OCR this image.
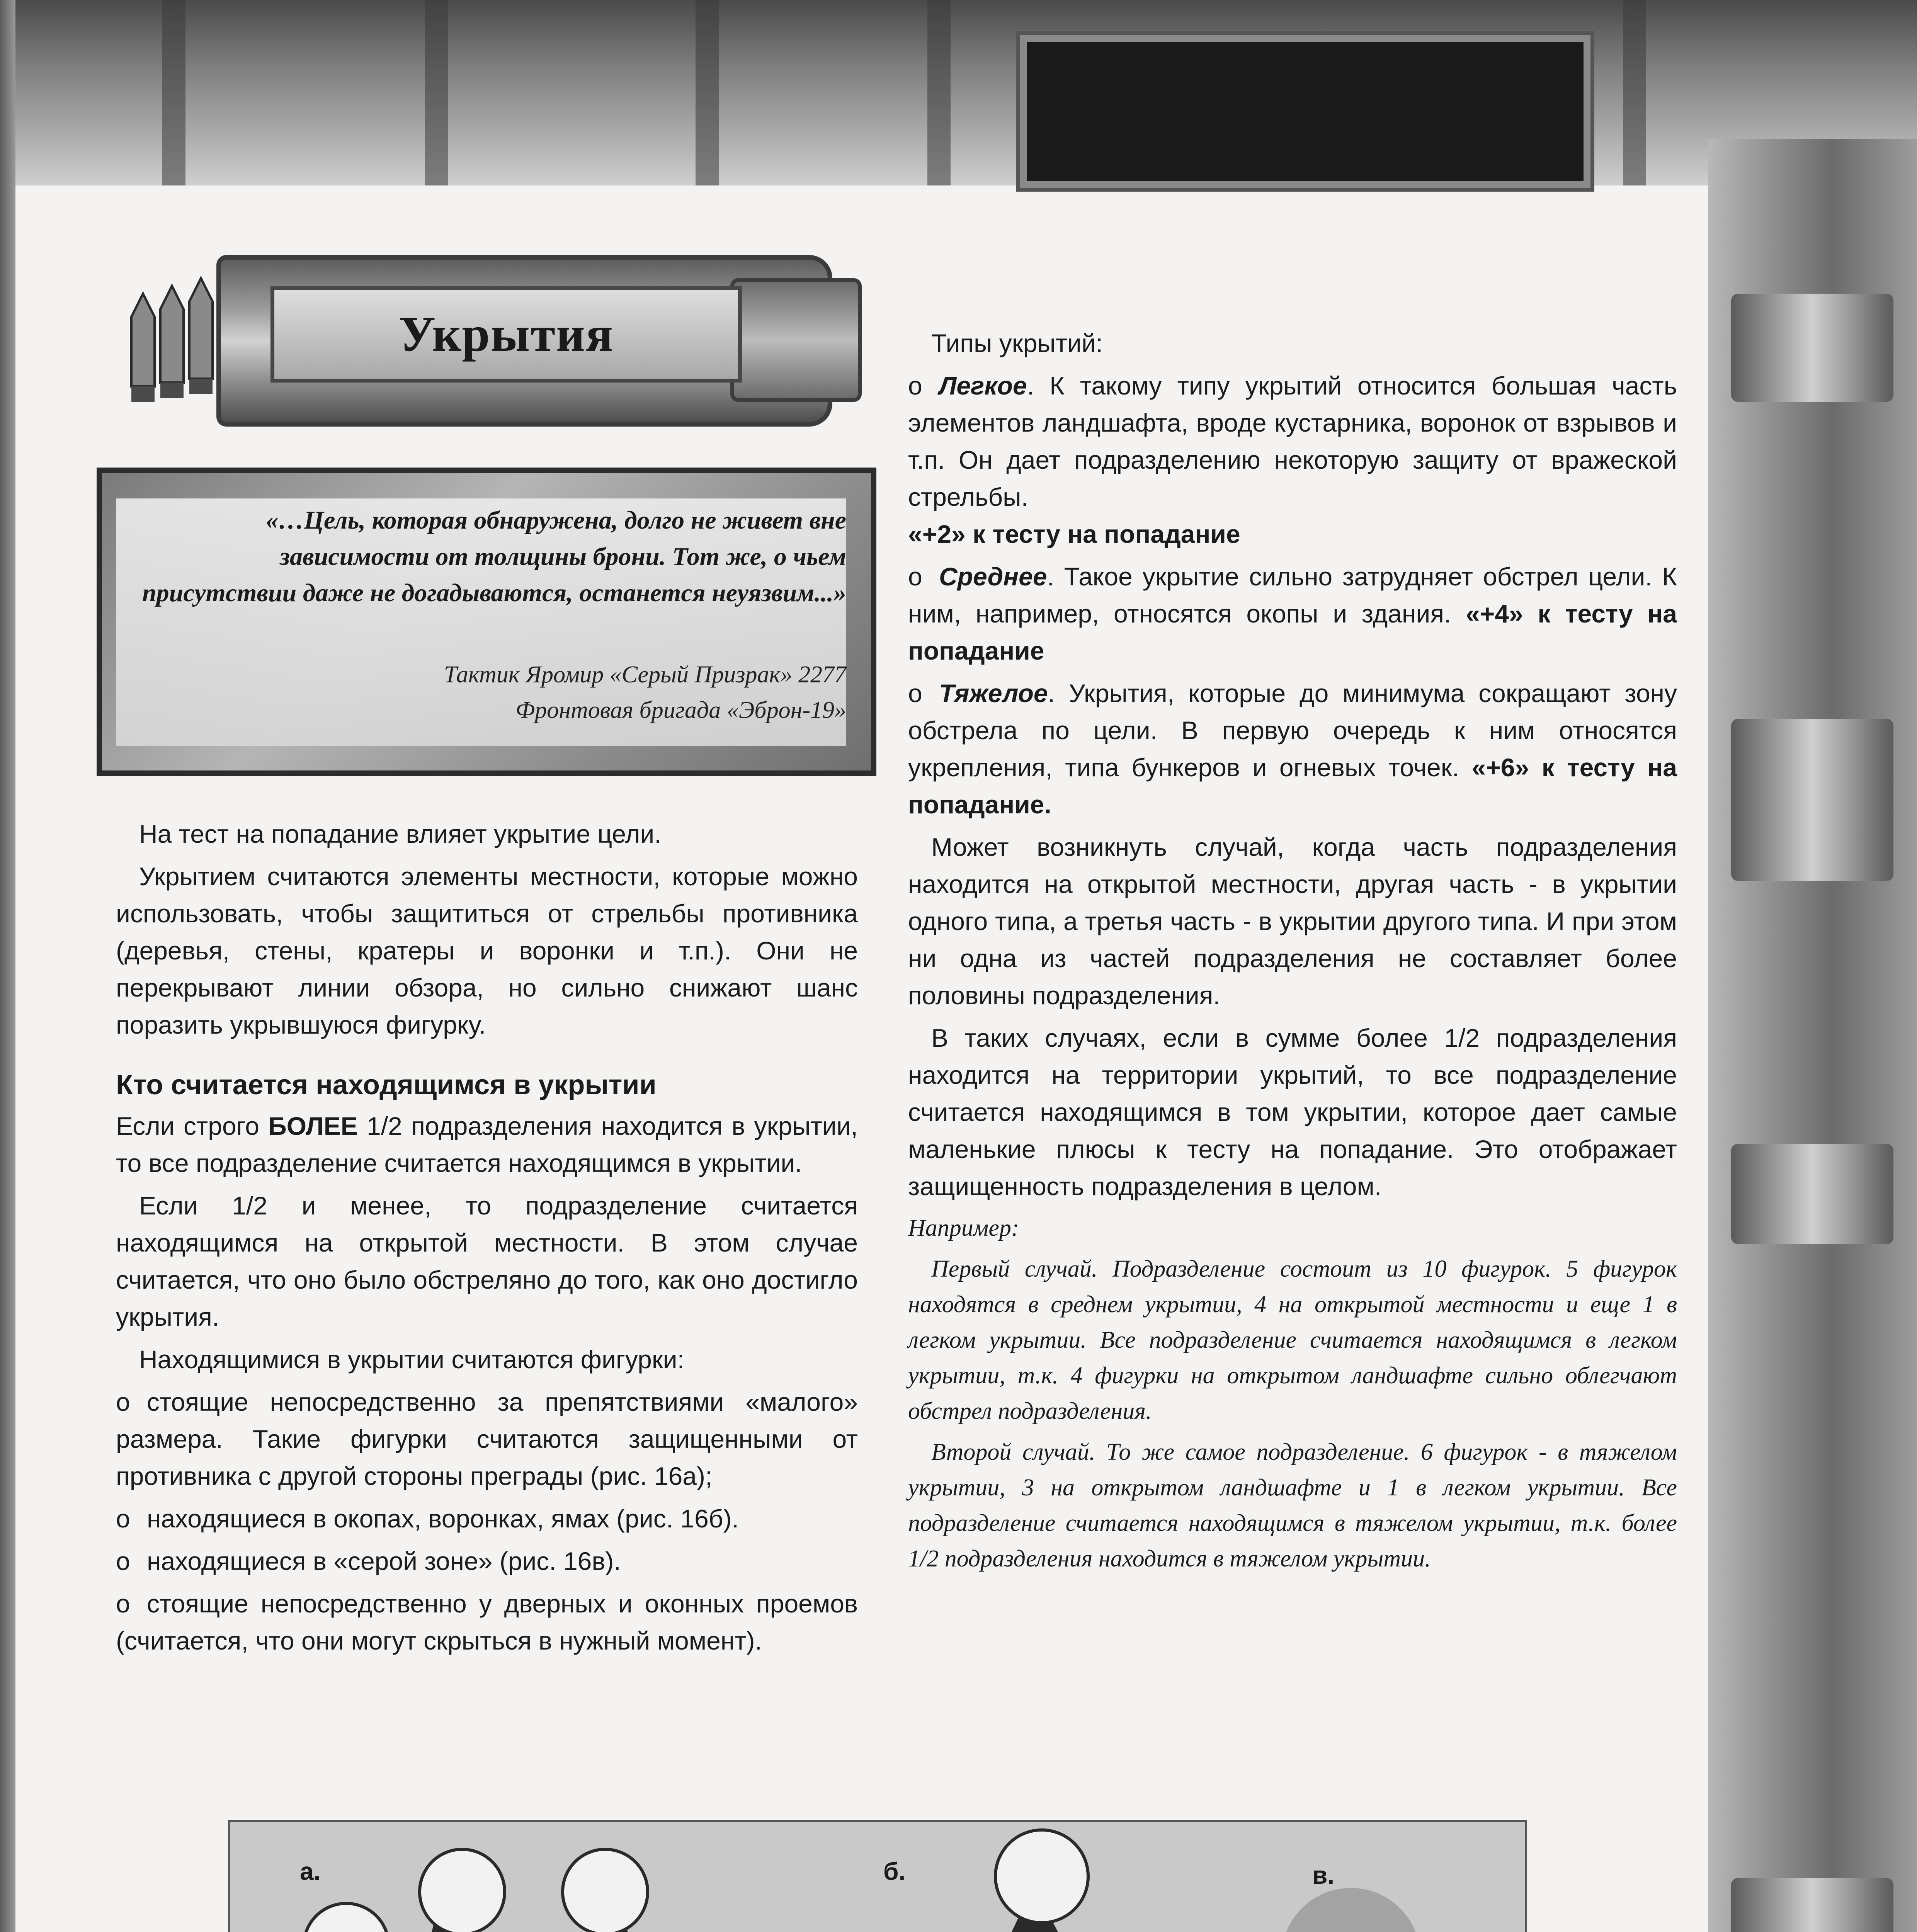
Укрытия
«…Цель, которая обнаружена, долго не живет вне зависимости от толщины брони. Тот же, о чьем присутствии даже не догадываются, останется неуязвим...»
Тактик Яромир «Серый Призрак» 2277
Фронтовая бригада «Эброн-19»

На тест на попадание влияет укрытие цели.

Укрытием считаются элементы местности, которые можно использовать, чтобы защититься от стрельбы противника (деревья, стены, кратеры и воронки и т.п.). Они не перекрывают линии обзора, но сильно снижают шанс поразить укрывшуюся фигурку.

Кто считается находящимся в укрытии

Если строго БОЛЕЕ 1/2 подразделения находится в укрытии, то все подразделение считается находящимся в укрытии.

Если 1/2 и менее, то подразделение считается находящимся на открытой местности. В этом случае считается, что оно было обстреляно до того, как оно достигло укрытия.

Находящимися в укрытии считаются фигурки:

о стоящие непосредственно за препятствиями «малого» размера. Такие фигурки считаются защищенными от противника с другой стороны преграды (рис. 16а);

о находящиеся в окопах, воронках, ямах (рис. 16б).

о находящиеся в «серой зоне» (рис. 16в).

о стоящие непосредственно у дверных и оконных проемов (считается, что они могут скрыться в нужный момент).

Типы укрытий:

о Легкое. К такому типу укрытий относится большая часть элементов ландшафта, вроде кустарника, воронок от взрывов и т.п. Он дает подразделению некоторую защиту от вражеской стрельбы.
«+2» к тесту на попадание

о Среднее. Такое укрытие сильно затрудняет обстрел цели. К ним, например, относятся окопы и здания. «+4» к тесту на попадание

о Тяжелое. Укрытия, которые до минимума сокращают зону обстрела по цели. В первую очередь к ним относятся укрепления, типа бункеров и огневых точек. «+6» к тесту на попадание.

Может возникнуть случай, когда часть подразделения находится на открытой местности, другая часть - в укрытии одного типа, а третья часть - в укрытии другого типа. И при этом ни одна из частей подразделения не составляет более половины подразделения.

В таких случаях, если в сумме более 1/2 подразделения находится на территории укрытий, то все подразделение считается находящимся в том укрытии, которое дает самые маленькие плюсы к тесту на попадание. Это отображает защищенность подразделения в целом.

Например:

Первый случай. Подразделение состоит из 10 фигурок. 5 фигурок находятся в среднем укрытии, 4 на открытой местности и еще 1 в легком укрытии. Все подразделение считается находящимся в легком укрытии, т.к. 4 фигурки на открытом ландшафте сильно облегчают обстрел подразделения.

Второй случай. То же самое подразделение. 6 фигурок - в тяжелом укрытии, 3 на открытом ландшафте и 1 в легком укрытии. Все подразделение считается находящимся в тяжелом укрытии, т.к. более 1/2 подразделения находится в тяжелом укрытии.

а.	б.	в.
